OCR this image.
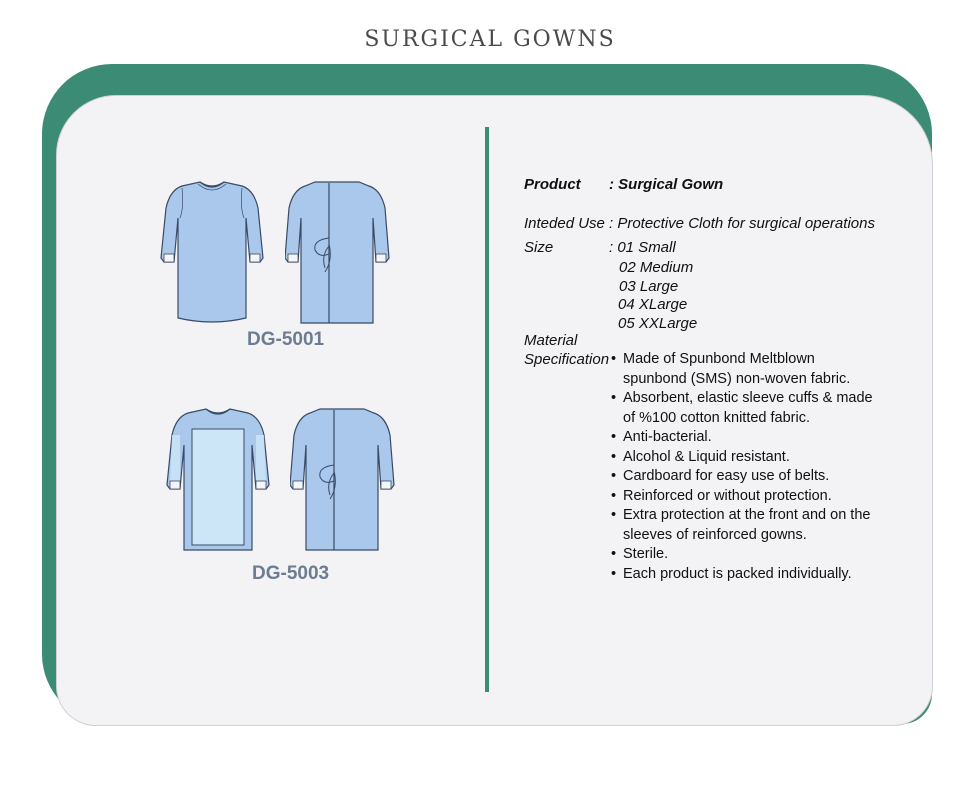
SURGICAL GOWNS
DG-5001
DG-5003
Product : Surgical Gown
Inteded Use : Protective Cloth for surgical operations
Size	: 01 Small
02 Medium
03 Large
04 XLarge
05 XXLarge
Material
Specification
• Made of Spunbond Meltblown
spunbond (SMS) non-woven fabric.
• Absorbent, elastic sleeve cuffs & made
of %100 cotton knitted fabric.
• Anti-bacterial.
• Alcohol & Liquid resistant.
• Cardboard for easy use of belts.
• Reinforced or without protection.
• Extra protection at the front and on the
sleeves of reinforced gowns.
• Sterile.
• Each product is packed individually.
